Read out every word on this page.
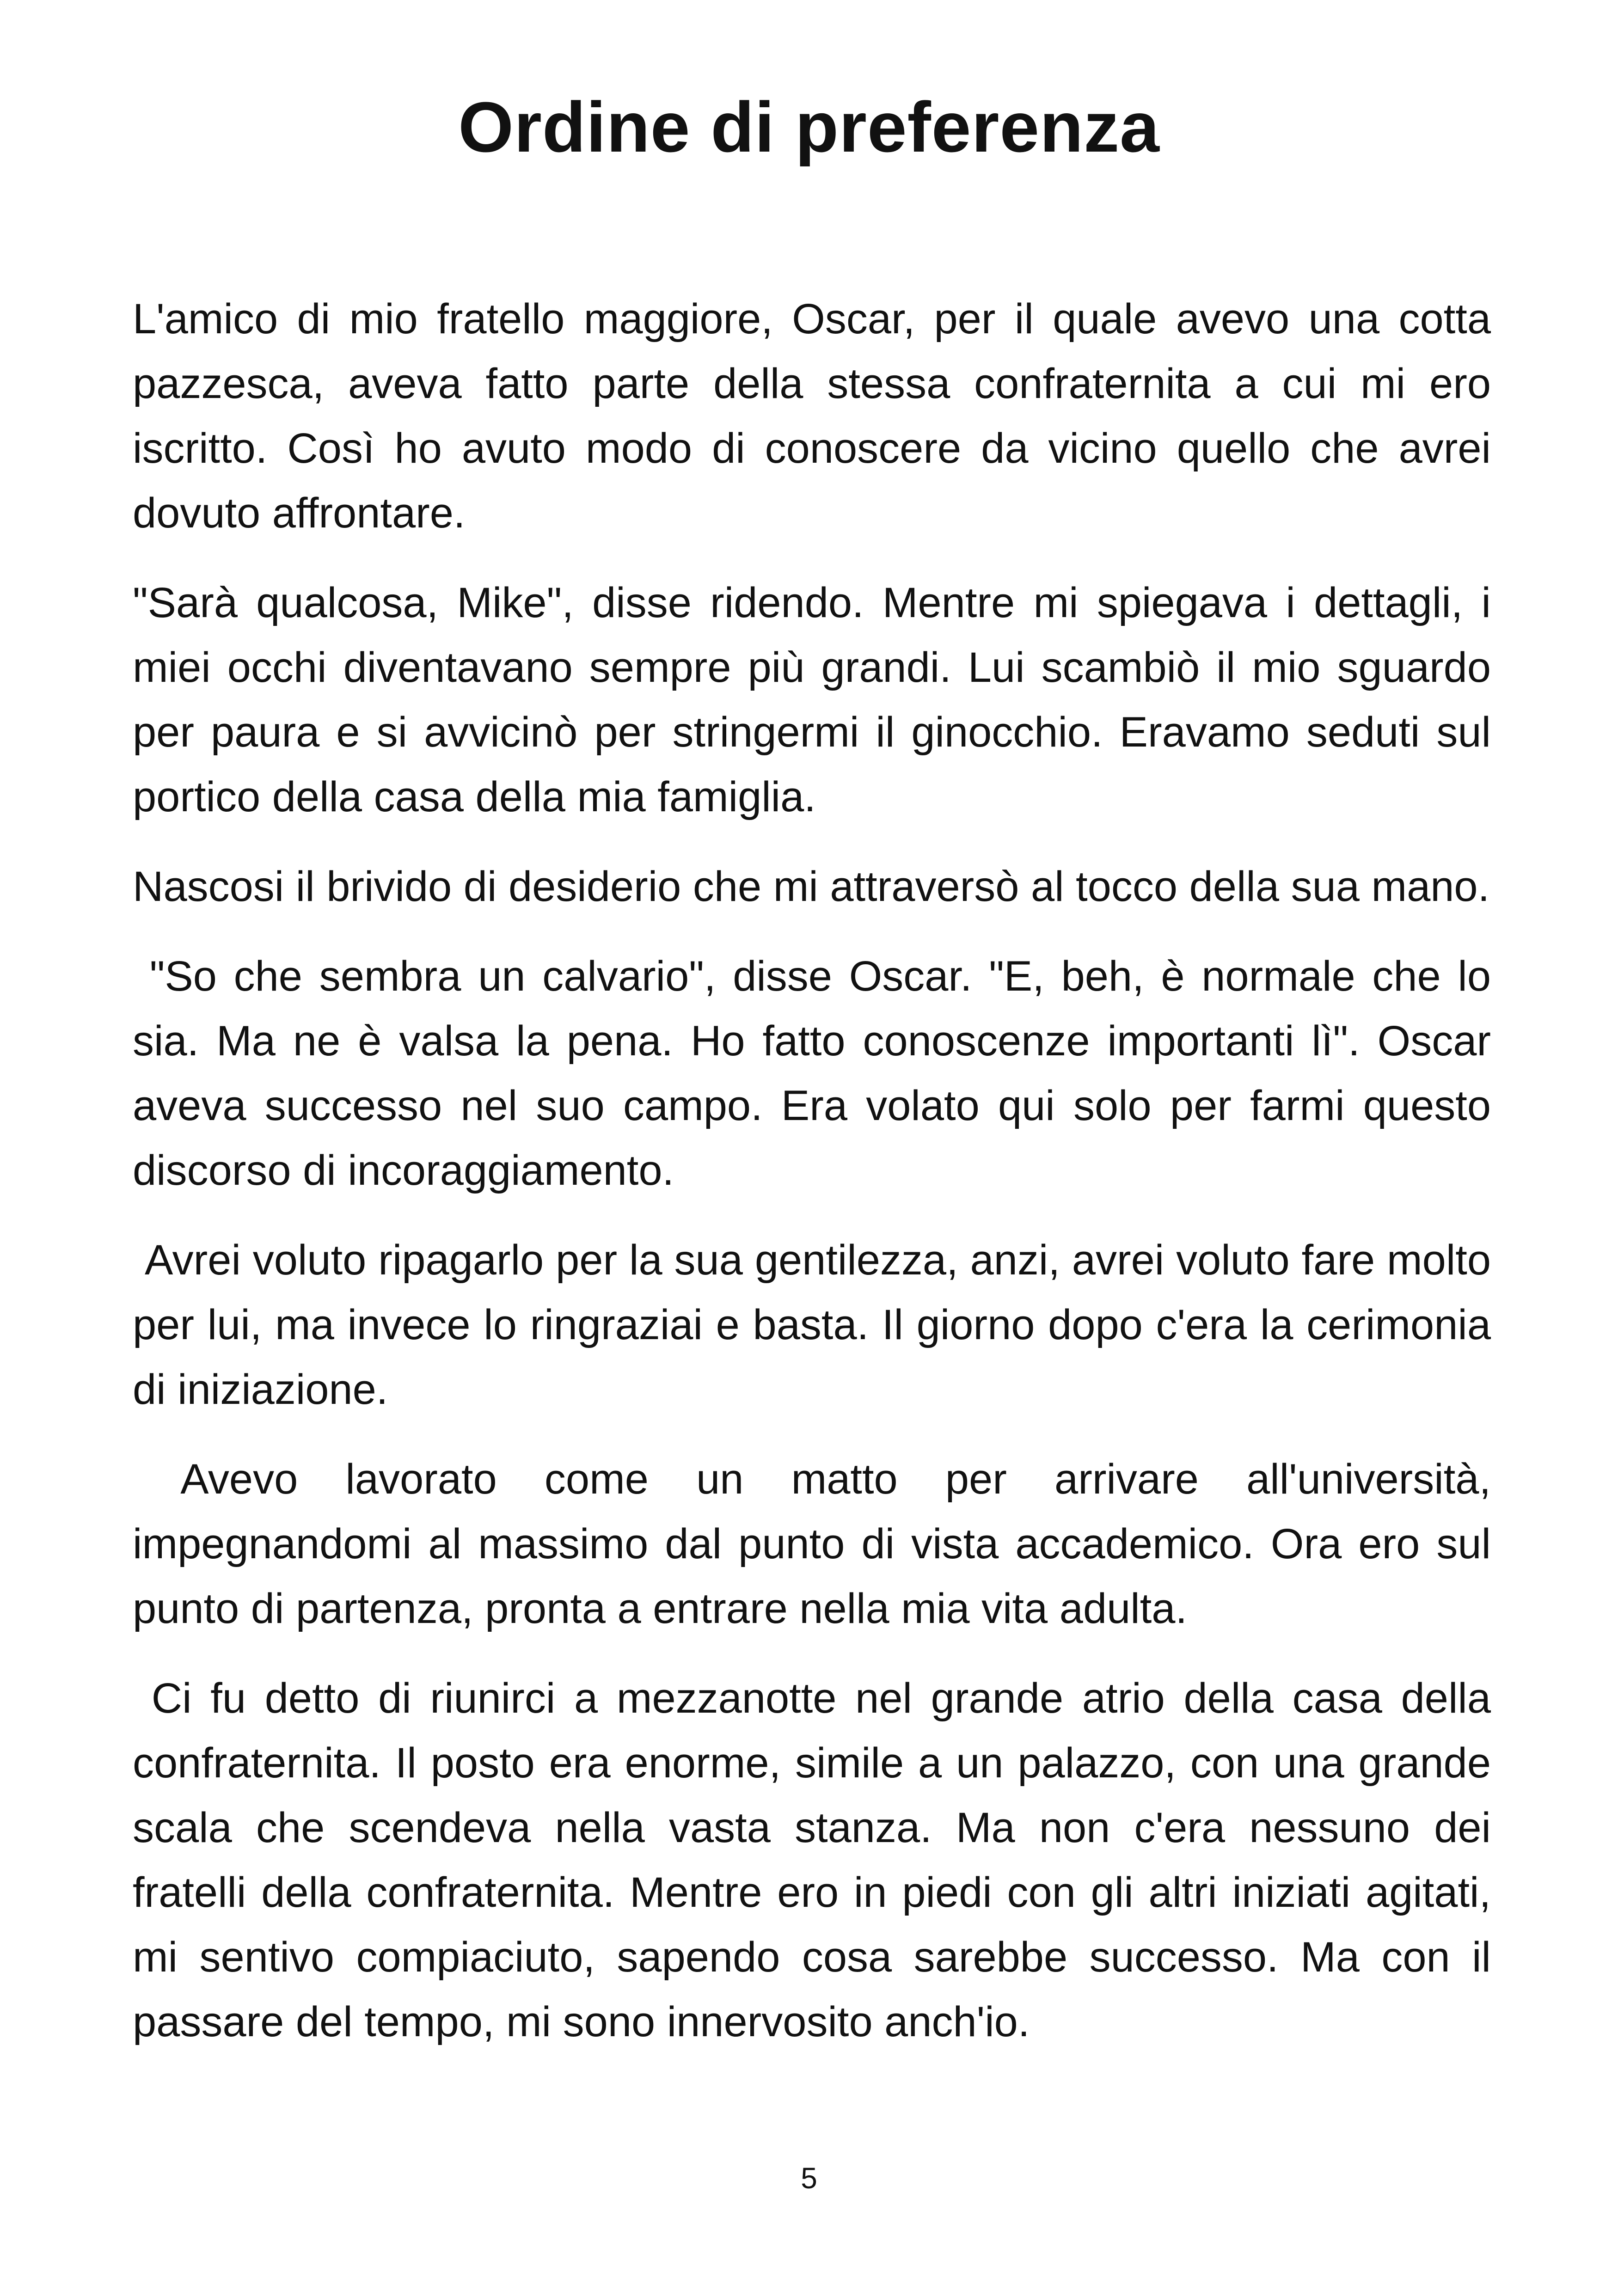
Ordine di preferenza

L'amico di mio fratello maggiore, Oscar, per il quale avevo una cotta pazzesca, aveva fatto parte della stessa confraternita a cui mi ero iscritto. Così ho avuto modo di conoscere da vicino quello che avrei dovuto affrontare.

"Sarà qualcosa, Mike", disse ridendo. Mentre mi spiegava i dettagli, i miei occhi diventavano sempre più grandi. Lui scambiò il mio sguardo per paura e si avvicinò per stringermi il ginocchio. Eravamo seduti sul portico della casa della mia famiglia.

Nascosi il brivido di desiderio che mi attraversò al tocco della sua mano.

"So che sembra un calvario", disse Oscar. "E, beh, è normale che lo sia. Ma ne è valsa la pena. Ho fatto conoscenze importanti lì". Oscar aveva successo nel suo campo. Era volato qui solo per farmi questo discorso di incoraggiamento.

Avrei voluto ripagarlo per la sua gentilezza, anzi, avrei voluto fare molto per lui, ma invece lo ringraziai e basta. Il giorno dopo c'era la cerimonia di iniziazione.

Avevo lavorato come un matto per arrivare all'università, impegnandomi al massimo dal punto di vista accademico. Ora ero sul punto di partenza, pronta a entrare nella mia vita adulta.

Ci fu detto di riunirci a mezzanotte nel grande atrio della casa della confraternita. Il posto era enorme, simile a un palazzo, con una grande scala che scendeva nella vasta stanza. Ma non c'era nessuno dei fratelli della confraternita. Mentre ero in piedi con gli altri iniziati agitati, mi sentivo compiaciuto, sapendo cosa sarebbe successo. Ma con il passare del tempo, mi sono innervosito anch'io.

5
